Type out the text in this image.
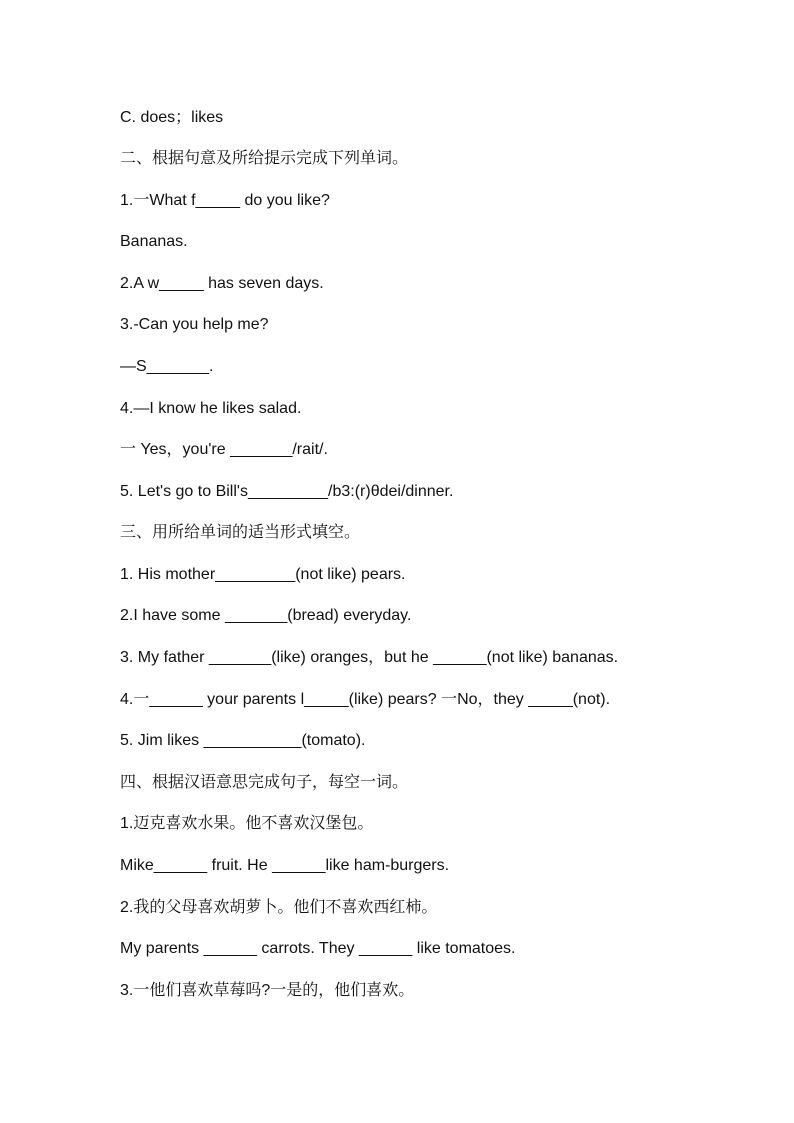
C. does；likes
二、根据句意及所给提示完成下列单词。
1.一What f_____ do you like?
Bananas.
2.A w_____ has seven days.
3.-Can you help me?
—S_______.
4.—I know he likes salad.
一 Yes，you're _______/rait/.
5. Let's go to Bill's_________/b3:(r)θdei/dinner.
三、用所给单词的适当形式填空。
1. His mother_________(not like) pears.
2.I have some _______(bread) everyday.
3. My father _______(like) oranges，but he ______(not like) bananas.
4.一______ your parents l_____(like) pears? 一No，they _____(not).
5. Jim likes ___________(tomato).
四、根据汉语意思完成句子，每空一词。
1.迈克喜欢水果。他不喜欢汉堡包。
Mike______ fruit. He ______like ham-burgers.
2.我的父母喜欢胡萝卜。他们不喜欢西红柿。
My parents ______ carrots. They ______ like tomatoes.
3.一他们喜欢草莓吗?一是的，他们喜欢。
